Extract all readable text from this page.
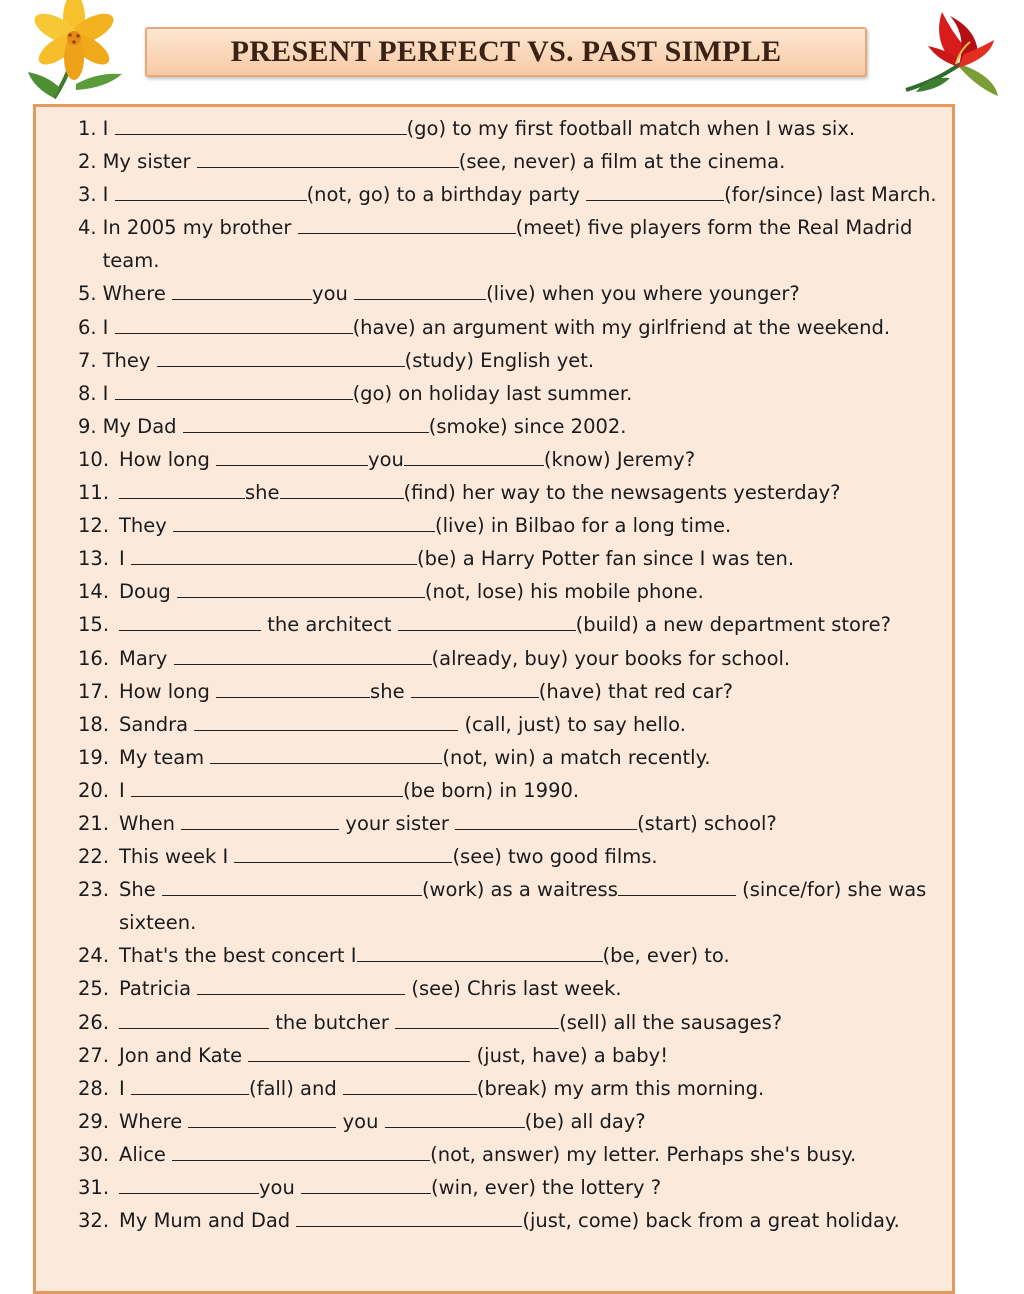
PRESENT PERFECT VS. PAST SIMPLE
1. I	(go) to my first football match when I was six.
2. My sister	(see, never) a film at the cinema.
3. I	(not, go) to a birthday party	(for/since) last March.
4. In 2005 my brother	(meet) five players form the Real Madrid team.
5. Where	you	(live) when you where younger?
6. I	(have) an argument with my girlfriend at the weekend.
7. They	(study) English yet.
8. I	(go) on holiday last summer.
9. My Dad	(smoke) since 2002.
10. How long	you	(know) Jeremy?
11.	she	(find) her way to the newsagents yesterday?
12. They	(live) in Bilbao for a long time.
13. I	(be) a Harry Potter fan since I was ten.
14. Doug	(not, lose) his mobile phone.
15.	the architect	(build) a new department store?
16. Mary	(already, buy) your books for school.
17. How long	she	(have) that red car?
18. Sandra	(call, just) to say hello.
19. My team	(not, win) a match recently.
20. I	(be born) in 1990.
21. When	your sister	(start) school?
22. This week I	(see) two good films.
23. She	(work) as a waitress	(since/for) she was sixteen.
24. That's the best concert I	(be, ever) to.
25. Patricia	(see) Chris last week.
26.	the butcher	(sell) all the sausages?
27. Jon and Kate	(just, have) a baby!
28. I	(fall) and	(break) my arm this morning.
29. Where	you	(be) all day?
30. Alice	(not, answer) my letter. Perhaps she's busy.
31.	you	(win, ever) the lottery ?
32. My Mum and Dad	(just, come) back from a great holiday.
